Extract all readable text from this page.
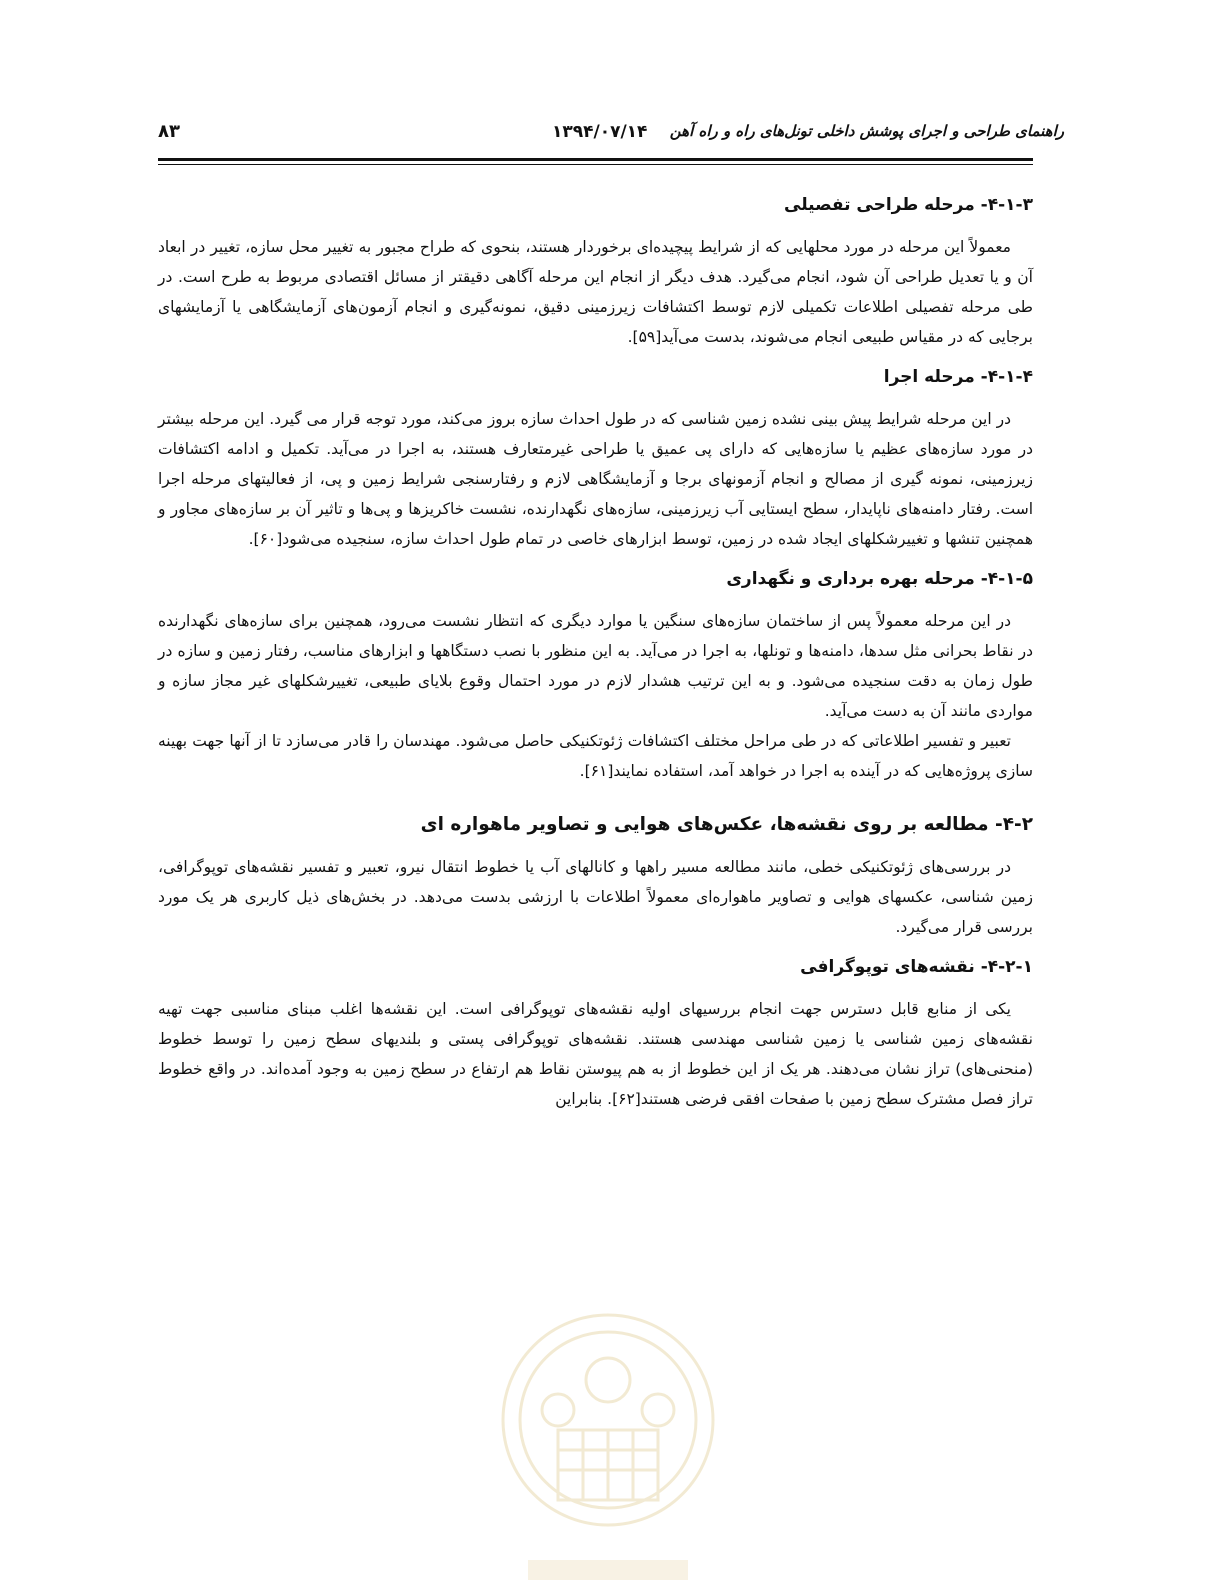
راهنمای طراحی و اجرای پوشش داخلی تونل‌های راه و راه آهن
۱۳۹۴/۰۷/۱۴
۸۳
۴-۱-۳- مرحله طراحی تفصیلی

معمولاً این مرحله در مورد محلهایی که از شرایط پیچیده‌ای برخوردار هستند، بنحوی که طراح مجبور به تغییر محل سازه، تغییر در ابعاد آن و یا تعدیل طراحی آن شود، انجام می‌گیرد. هدف دیگر از انجام این مرحله آگاهی دقیقتر از مسائل اقتصادی مربوط به طرح است. در طی مرحله تفصیلی اطلاعات تکمیلی لازم توسط اکتشافات زیرزمینی دقیق، نمونه‌گیری و انجام آزمون‌های آزمایشگاهی یا آزمایشهای برجایی که در مقیاس طبیعی انجام می‌شوند، بدست می‌آید[۵۹].

۴-۱-۴- مرحله اجرا

در این مرحله شرایط پیش بینی نشده زمین شناسی که در طول احداث سازه بروز می‌کند، مورد توجه قرار می گیرد. این مرحله بیشتر در مورد سازه‌های عظیم یا سازه‌هایی که دارای پی عمیق یا طراحی غیرمتعارف هستند، به اجرا در می‌آید. تکمیل و ادامه اکتشافات زیرزمینی، نمونه گیری از مصالح و انجام آزمونهای برجا و آزمایشگاهی لازم و رفتارسنجی شرایط زمین و پی، از فعالیتهای مرحله اجرا است. رفتار دامنه‌های ناپایدار، سطح ایستایی آب زیرزمینی، سازه‌های نگهدارنده، نشست خاکریزها و پی‌ها و تاثیر آن بر سازه‌های مجاور و همچنین تنشها و تغییرشکلهای ایجاد شده در زمین، توسط ابزارهای خاصی در تمام طول احداث سازه، سنجیده می‌شود[۶۰].

۴-۱-۵- مرحله بهره برداری و نگهداری

در این مرحله معمولاً پس از ساختمان سازه‌های سنگین یا موارد دیگری که انتظار نشست می‌رود، همچنین برای سازه‌های نگهدارنده در نقاط بحرانی مثل سدها، دامنه‌ها و تونلها، به اجرا در می‌آید. به این منظور با نصب دستگاهها و ابزارهای مناسب، رفتار زمین و سازه در طول زمان به دقت سنجیده می‌شود. و به این ترتیب هشدار لازم در مورد احتمال وقوع بلایای طبیعی، تغییرشکلهای غیر مجاز سازه و مواردی مانند آن به دست می‌آید.

تعبیر و تفسیر اطلاعاتی که در طی مراحل مختلف اکتشافات ژئوتکنیکی حاصل می‌شود. مهندسان را قادر می‌سازد تا از آنها جهت بهینه سازی پروژه‌هایی که در آینده به اجرا در خواهد آمد، استفاده نمایند[۶۱].

۴-۲- مطالعه بر روی نقشه‌ها، عکس‌های هوایی و تصاویر ماهواره ای

در بررسی‌های ژئوتکنیکی خطی، مانند مطالعه مسیر راهها و کانالهای آب یا خطوط انتقال نیرو، تعبیر و تفسیر نقشه‌های توپوگرافی، زمین شناسی، عکسهای هوایی و تصاویر ماهواره‌ای معمولاً اطلاعات با ارزشی بدست می‌دهد. در بخش‌های ذیل کاربری هر یک مورد بررسی قرار می‌گیرد.

۴-۲-۱- نقشه‌های توپوگرافی

یکی از منابع قابل دسترس جهت انجام بررسیهای اولیه نقشه‌های توپوگرافی است. این نقشه‌ها اغلب مبنای مناسبی جهت تهیه نقشه‌های زمین شناسی یا زمین شناسی مهندسی هستند. نقشه‌های توپوگرافی پستی و بلندیهای سطح زمین را توسط خطوط (منحنی‌های) تراز نشان می‌دهند. هر یک از این خطوط از به هم پیوستن نقاط هم ارتفاع در سطح زمین به وجود آمده‌اند. در واقع خطوط تراز فصل مشترک سطح زمین با صفحات افقی فرضی هستند[۶۲]. بنابراین
